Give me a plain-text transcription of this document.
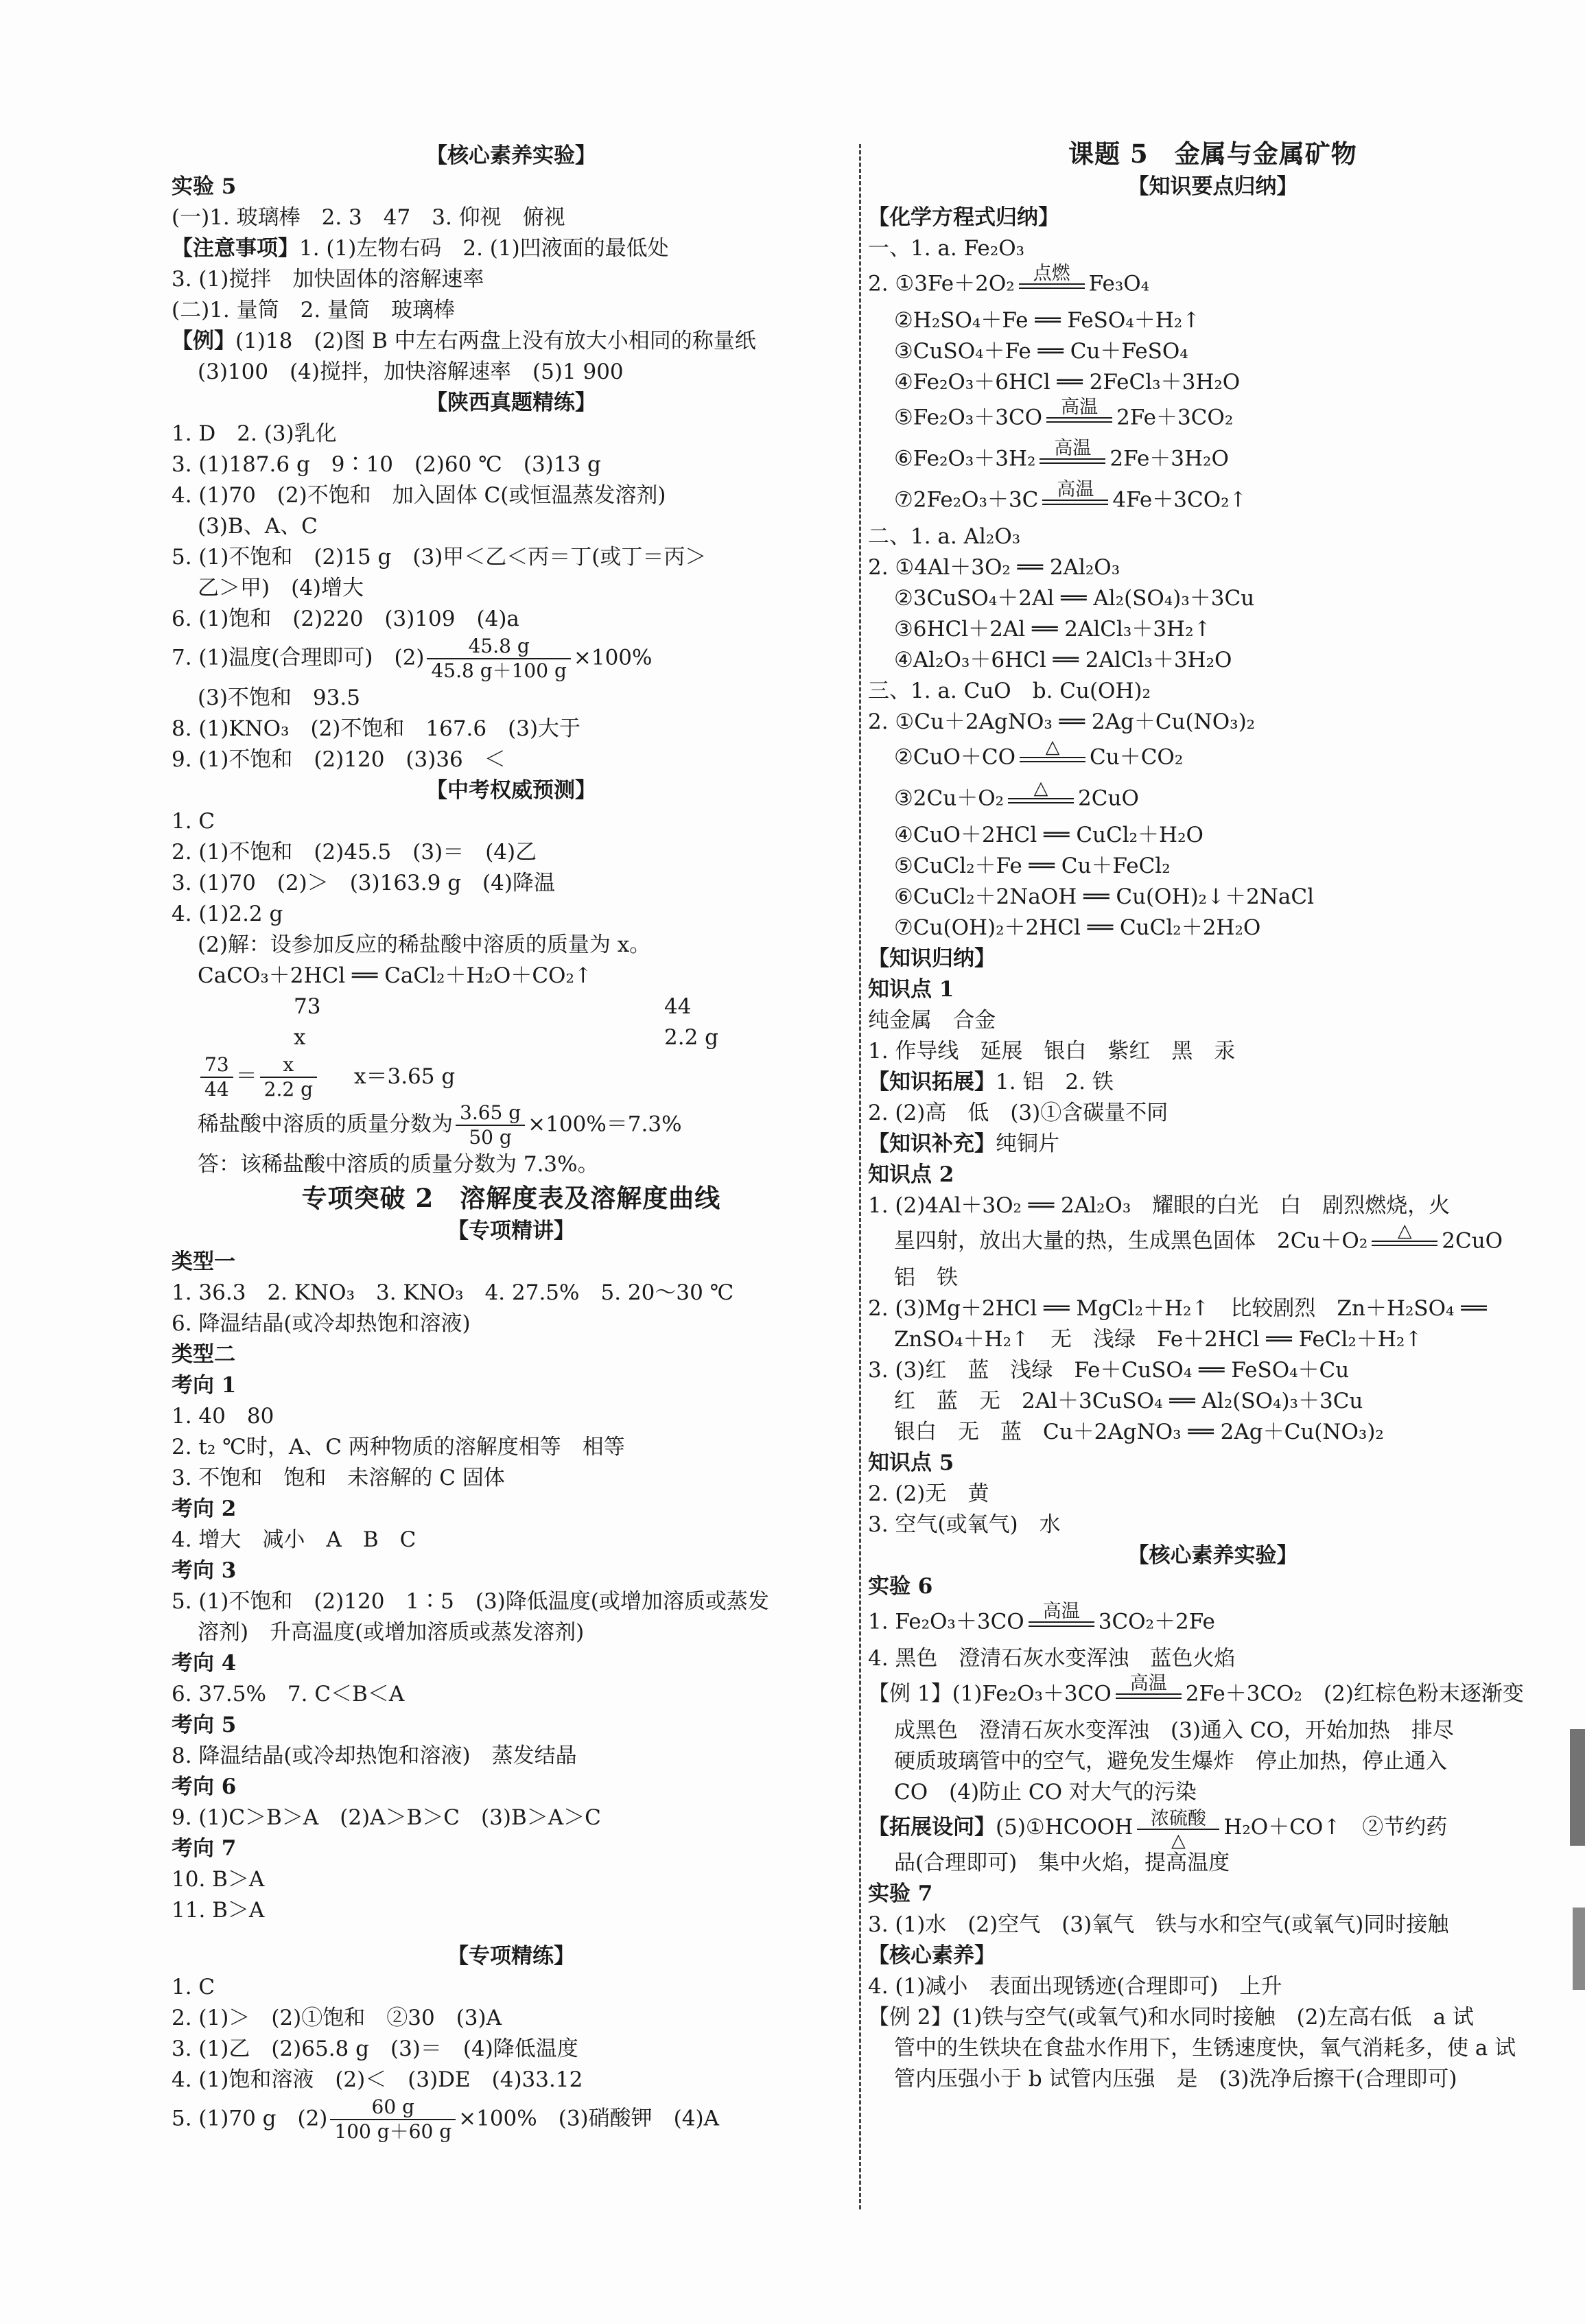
【核心素养实验】
实验 5
(一)1. 玻璃棒　2. 3　47　3. 仰视　俯视
【注意事项】1. (1)左物右码　2. (1)凹液面的最低处
3. (1)搅拌　加快固体的溶解速率
(二)1. 量筒　2. 量筒　玻璃棒
【例】(1)18　(2)图 B 中左右两盘上没有放大小相同的称量纸
(3)100　(4)搅拌，加快溶解速率　(5)1 900
【陕西真题精练】
1. D　2. (3)乳化
3. (1)187.6 g　9∶10　(2)60 ℃　(3)13 g
4. (1)70　(2)不饱和　加入固体 C(或恒温蒸发溶剂)
(3)B、A、C
5. (1)不饱和　(2)15 g　(3)甲＜乙＜丙＝丁(或丁＝丙＞
乙＞甲)　(4)增大
6. (1)饱和　(2)220　(3)109　(4)a
7. (1)温度(合理即可)　$(2) \frac{45.8 g}{45.8 g+100 g} \times 100\%$
(3)不饱和　93.5
8. (1)KNO₃　(2)不饱和　167.6　(3)大于
9. (1)不饱和　(2)120　(3)36　＜
【中考权威预测】
1. C
2. (1)不饱和　(2)45.5　(3)＝　(4)乙
3. (1)70　(2)＞　(3)163.9 g　(4)降温
4. (1)2.2 g
(2)解：设参加反应的稀盐酸中溶质的质量为 x。
CaCO₃＋2HCl ══ CaCl₂＋H₂O＋CO₂↑
73	44
x	2.2 g
$\frac{73}{44} = \frac{x}{2.2 g} x=3.65$ g
稀盐酸中溶质的质量分数为 $\frac{3.65 g}{50 g} \times 100\%=7.3\%$
答：该稀盐酸中溶质的质量分数为 7.3%。
专项突破 2　溶解度表及溶解度曲线
【专项精讲】
类型一
1. 36.3　2. KNO₃　3. KNO₃　4. 27.5%　5. 20～30 ℃
6. 降温结晶(或冷却热饱和溶液)
类型二
考向 1
1. 40　80
2. t₂ ℃时，A、C 两种物质的溶解度相等　相等
3. 不饱和　饱和　未溶解的 C 固体
考向 2
4. 增大　减小　A　B　C
考向 3
5. (1)不饱和　(2)120　1∶5　(3)降低温度(或增加溶质或蒸发
溶剂)　升高温度(或增加溶质或蒸发溶剂)
考向 4
6. 37.5%　7. C＜B＜A
考向 5
8. 降温结晶(或冷却热饱和溶液)　蒸发结晶
考向 6
9. (1)C＞B＞A　(2)A＞B＞C　(3)B＞A＞C
考向 7
10. B＞A
11. B＞A
【专项精练】
1. C
2. (1)＞　(2)①饱和　②30　(3)A
3. (1)乙　(2)65.8 g　(3)＝　(4)降低温度
4. (1)饱和溶液　(2)＜　(3)DE　(4)33.12
5. (1)70 g　$(2) \frac{60 g}{100 g+60 g} \times 100\%$　(3)硝酸钾　(4)A
课题 5　金属与金属矿物
【知识要点归纳】
【化学方程式归纳】
一、1. a. Fe₂O₃
2. ①3Fe＋2O₂	点燃 Fe₃O₄
②H₂SO₄＋Fe ══ FeSO₄＋H₂↑
③CuSO₄＋Fe ══ Cu＋FeSO₄
④Fe₂O₃＋6HCl ══ 2FeCl₃＋3H₂O
⑤Fe₂O₃＋3CO	高温 2Fe＋3CO₂
⑥Fe₂O₃＋3H₂	高温 2Fe＋3H₂O
⑦2Fe₂O₃＋3C	高温 4Fe＋3CO₂↑
二、1. a. Al₂O₃
2. ①4Al＋3O₂ ══ 2Al₂O₃
②3CuSO₄＋2Al ══ Al₂(SO₄)₃＋3Cu
③6HCl＋2Al ══ 2AlCl₃＋3H₂↑
④Al₂O₃＋6HCl ══ 2AlCl₃＋3H₂O
三、1. a. CuO　b. Cu(OH)₂
2. ①Cu＋2AgNO₃ ══ 2Ag＋Cu(NO₃)₂
②CuO＋CO	△	Cu＋CO₂
③2Cu＋O₂	△	2CuO
④CuO＋2HCl ══ CuCl₂＋H₂O
⑤CuCl₂＋Fe ══ Cu＋FeCl₂
⑥CuCl₂＋2NaOH ══ Cu(OH)₂↓＋2NaCl
⑦Cu(OH)₂＋2HCl ══ CuCl₂＋2H₂O
【知识归纳】
知识点 1
纯金属　合金
1. 作导线　延展　银白　紫红　黑　汞
【知识拓展】1. 铝　2. 铁
2. (2)高　低　(3)①含碳量不同
【知识补充】纯铜片
知识点 2
1. (2)4Al＋3O₂ ══ 2Al₂O₃　耀眼的白光　白　剧烈燃烧，火
星四射，放出大量的热，生成黑色固体　2Cu＋O₂	△	2CuO
铝　铁
2. (3)Mg＋2HCl ══ MgCl₂＋H₂↑　比较剧烈　Zn＋H₂SO₄ ══
ZnSO₄＋H₂↑　无　浅绿　Fe＋2HCl ══ FeCl₂＋H₂↑
3. (3)红　蓝　浅绿　Fe＋CuSO₄ ══ FeSO₄＋Cu
红　蓝　无　2Al＋3CuSO₄ ══ Al₂(SO₄)₃＋3Cu
银白　无　蓝　Cu＋2AgNO₃ ══ 2Ag＋Cu(NO₃)₂
知识点 5
2. (2)无　黄
3. 空气(或氧气)　水
【核心素养实验】
实验 6
1. Fe₂O₃＋3CO	高温 3CO₂＋2Fe
4. 黑色　澄清石灰水变浑浊　蓝色火焰
【例 1】(1)Fe₂O₃＋3CO	高温 2Fe＋3CO₂　(2)红棕色粉末逐渐变
成黑色　澄清石灰水变浑浊　(3)通入 CO，开始加热　排尽
硬质玻璃管中的空气，避免发生爆炸　停止加热，停止通入
CO　(4)防止 CO 对大气的污染
【拓展设问】(5)①HCOOH 浓硫酸
△
H₂O＋CO↑　②节约药
品(合理即可)　集中火焰，提高温度
实验 7
3. (1)水　(2)空气　(3)氧气　铁与水和空气(或氧气)同时接触
【核心素养】
4. (1)减小　表面出现锈迹(合理即可)　上升
【例 2】(1)铁与空气(或氧气)和水同时接触　(2)左高右低　a 试
管中的生铁块在食盐水作用下，生锈速度快，氧气消耗多，使 a 试
管内压强小于 b 试管内压强　是　(3)洗净后擦干(合理即可)
